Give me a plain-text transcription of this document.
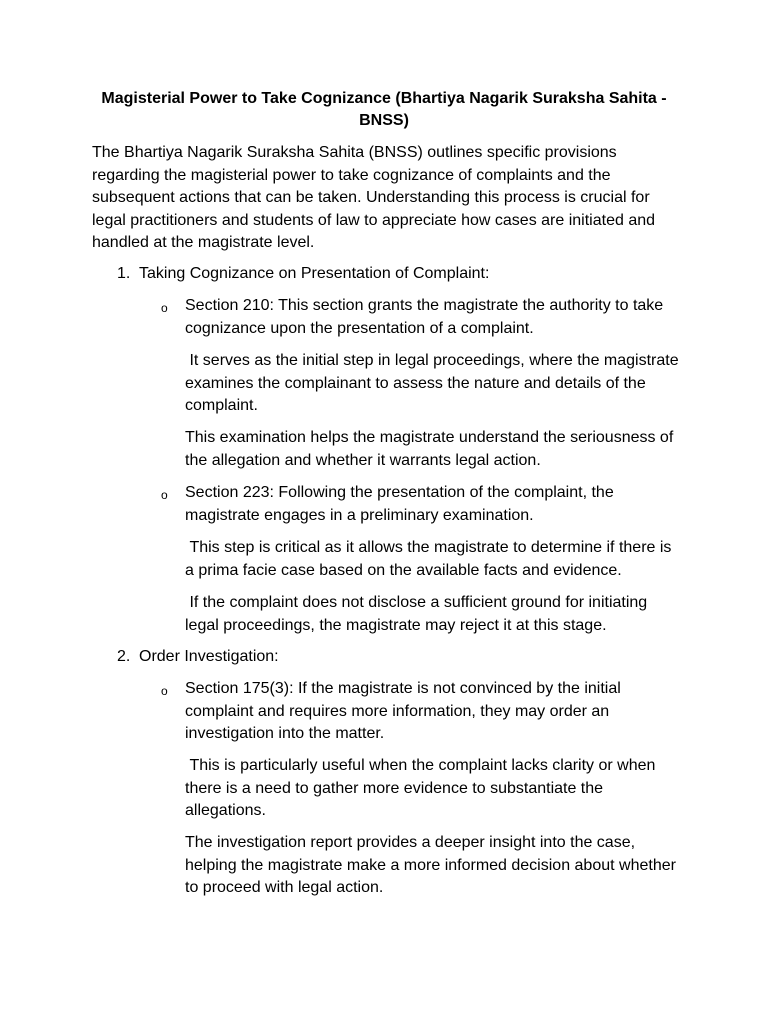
Magisterial Power to Take Cognizance (Bhartiya Nagarik Suraksha Sahita - BNSS)

The Bhartiya Nagarik Suraksha Sahita (BNSS) outlines specific provisions regarding the magisterial power to take cognizance of complaints and the subsequent actions that can be taken. Understanding this process is crucial for legal practitioners and students of law to appreciate how cases are initiated and handled at the magistrate level.

1. Taking Cognizance on Presentation of Complaint:

o Section 210: This section grants the magistrate the authority to take cognizance upon the presentation of a complaint.

It serves as the initial step in legal proceedings, where the magistrate examines the complainant to assess the nature and details of the complaint.

This examination helps the magistrate understand the seriousness of the allegation and whether it warrants legal action.

o Section 223: Following the presentation of the complaint, the magistrate engages in a preliminary examination.

This step is critical as it allows the magistrate to determine if there is a prima facie case based on the available facts and evidence.

If the complaint does not disclose a sufficient ground for initiating legal proceedings, the magistrate may reject it at this stage.

2. Order Investigation:

o Section 175(3): If the magistrate is not convinced by the initial complaint and requires more information, they may order an investigation into the matter.

This is particularly useful when the complaint lacks clarity or when there is a need to gather more evidence to substantiate the allegations.

The investigation report provides a deeper insight into the case, helping the magistrate make a more informed decision about whether to proceed with legal action.
